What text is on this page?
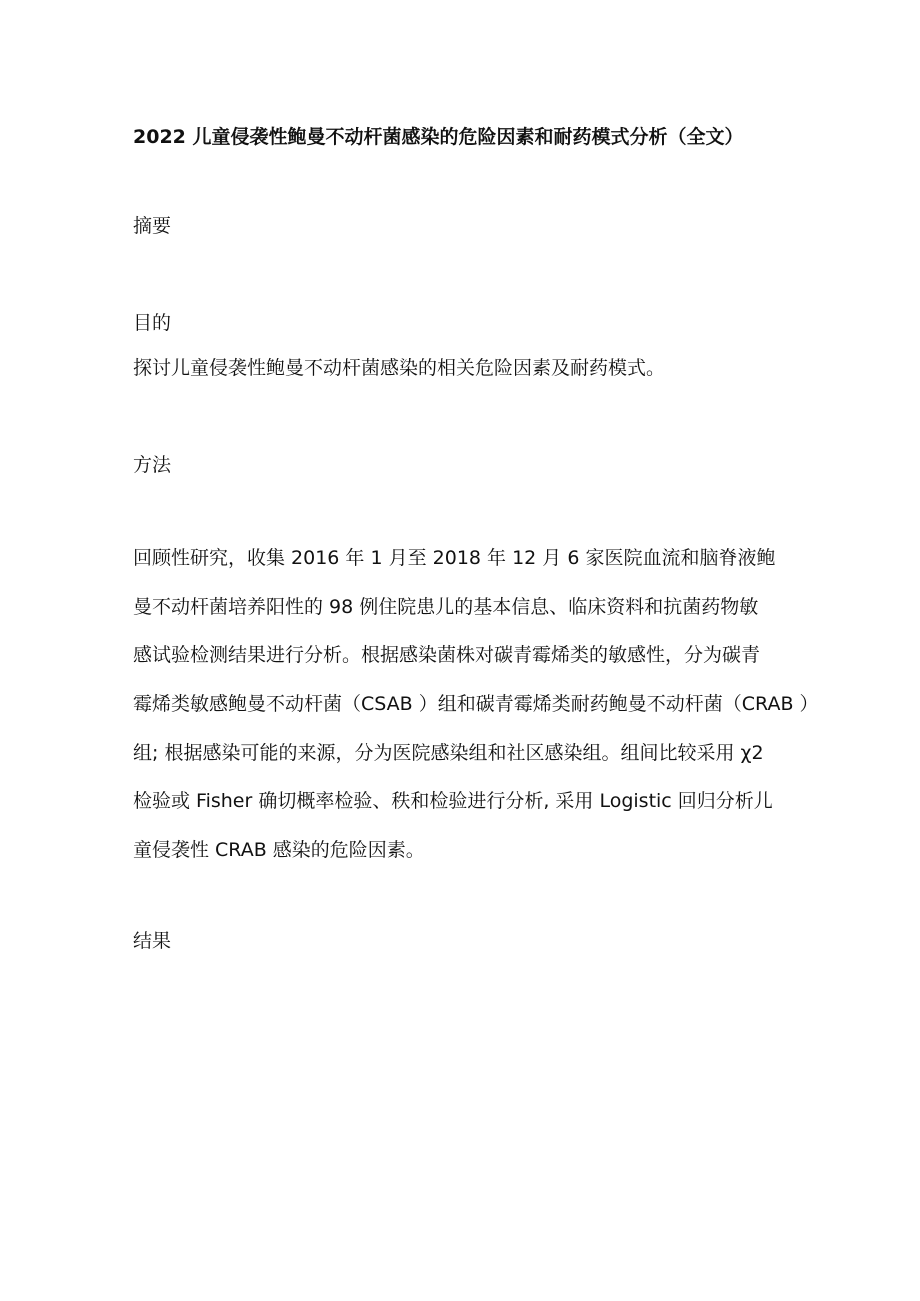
2022 儿童侵袭性鲍曼不动杆菌感染的危险因素和耐药模式分析（全文）
摘要
目的
探讨儿童侵袭性鲍曼不动杆菌感染的相关危险因素及耐药模式。
方法
回顾性研究，收集 2016 年 1 月至 2018 年 12 月 6 家医院血流和脑脊液鲍
曼不动杆菌培养阳性的 98 例住院患儿的基本信息、临床资料和抗菌药物敏
感试验检测结果进行分析。根据感染菌株对碳青霉烯类的敏感性，分为碳青
霉烯类敏感鲍曼不动杆菌（CSAB ）组和碳青霉烯类耐药鲍曼不动杆菌（CRAB ）
组; 根据感染可能的来源，分为医院感染组和社区感染组。组间比较采用 χ2
检验或 Fisher 确切概率检验、秩和检验进行分析, 采用 Logistic 回归分析儿
童侵袭性 CRAB 感染的危险因素。
结果
